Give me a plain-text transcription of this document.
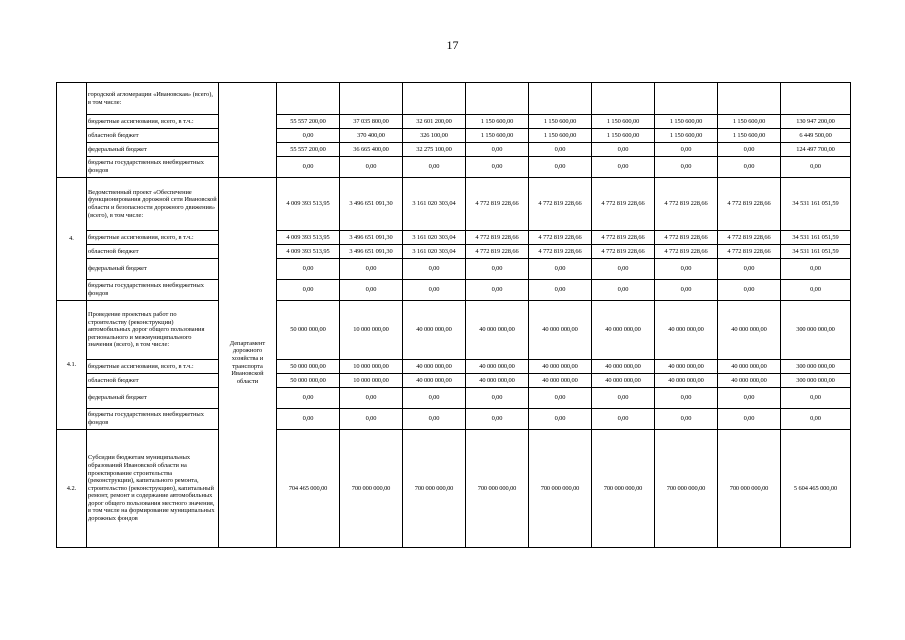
17
	городской агломерации «Ивановская» (всего), в том числе:										
	бюджетные ассигнования, всего, в т.ч.:		55 557 200,00	37 035 800,00	32 601 200,00	1 150 600,00	1 150 600,00	1 150 600,00	1 150 600,00	1 150 600,00	130 947 200,00
	областной бюджет		0,00	370 400,00	326 100,00	1 150 600,00	1 150 600,00	1 150 600,00	1 150 600,00	1 150 600,00	6 449 500,00
	федеральный бюджет		55 557 200,00	36 665 400,00	32 275 100,00	0,00	0,00	0,00	0,00	0,00	124 497 700,00
	бюджеты государственных внебюджетных фондов		0,00	0,00	0,00	0,00	0,00	0,00	0,00	0,00	0,00
4.	Ведомственный проект «Обеспечение функционирования дорожной сети Ивановской области и безопасности дорожного движения» (всего), в том числе:	Департамент дорожного хозяйства и транспорта Ивановской области	4 009 393 513,95	3 496 651 091,30	3 161 020 303,04	4 772 819 228,66	4 772 819 228,66	4 772 819 228,66	4 772 819 228,66	4 772 819 228,66	34 531 161 051,59
	бюджетные ассигнования, всего, в т.ч.:		4 009 393 513,95	3 496 651 091,30	3 161 020 303,04	4 772 819 228,66	4 772 819 228,66	4 772 819 228,66	4 772 819 228,66	4 772 819 228,66	34 531 161 051,59
	областной бюджет		4 009 393 513,95	3 496 651 091,30	3 161 020 303,04	4 772 819 228,66	4 772 819 228,66	4 772 819 228,66	4 772 819 228,66	4 772 819 228,66	34 531 161 051,59
	федеральный бюджет		0,00	0,00	0,00	0,00	0,00	0,00	0,00	0,00	0,00
	бюджеты государственных внебюджетных фондов		0,00	0,00	0,00	0,00	0,00	0,00	0,00	0,00	0,00
4.1.	Проведение проектных работ по строительству (реконструкции) автомобильных дорог общего пользования регионального и межмуниципального значения (всего), в том числе:		50 000 000,00	10 000 000,00	40 000 000,00	40 000 000,00	40 000 000,00	40 000 000,00	40 000 000,00	40 000 000,00	300 000 000,00
	бюджетные ассигнования, всего, в т.ч.:		50 000 000,00	10 000 000,00	40 000 000,00	40 000 000,00	40 000 000,00	40 000 000,00	40 000 000,00	40 000 000,00	300 000 000,00
	областной бюджет		50 000 000,00	10 000 000,00	40 000 000,00	40 000 000,00	40 000 000,00	40 000 000,00	40 000 000,00	40 000 000,00	300 000 000,00
	федеральный бюджет		0,00	0,00	0,00	0,00	0,00	0,00	0,00	0,00	0,00
	бюджеты государственных внебюджетных фондов		0,00	0,00	0,00	0,00	0,00	0,00	0,00	0,00	0,00
4.2.	Субсидии бюджетам муниципальных образований Ивановской области на проектирование строительства (реконструкции), капитального ремонта, строительство (реконструкцию), капитальный ремонт, ремонт и содержание автомобильных дорог общего пользования местного значения, в том числе на формирование муниципальных дорожных фондов		704 465 000,00	700 000 000,00	700 000 000,00	700 000 000,00	700 000 000,00	700 000 000,00	700 000 000,00	700 000 000,00	5 604 465 000,00
